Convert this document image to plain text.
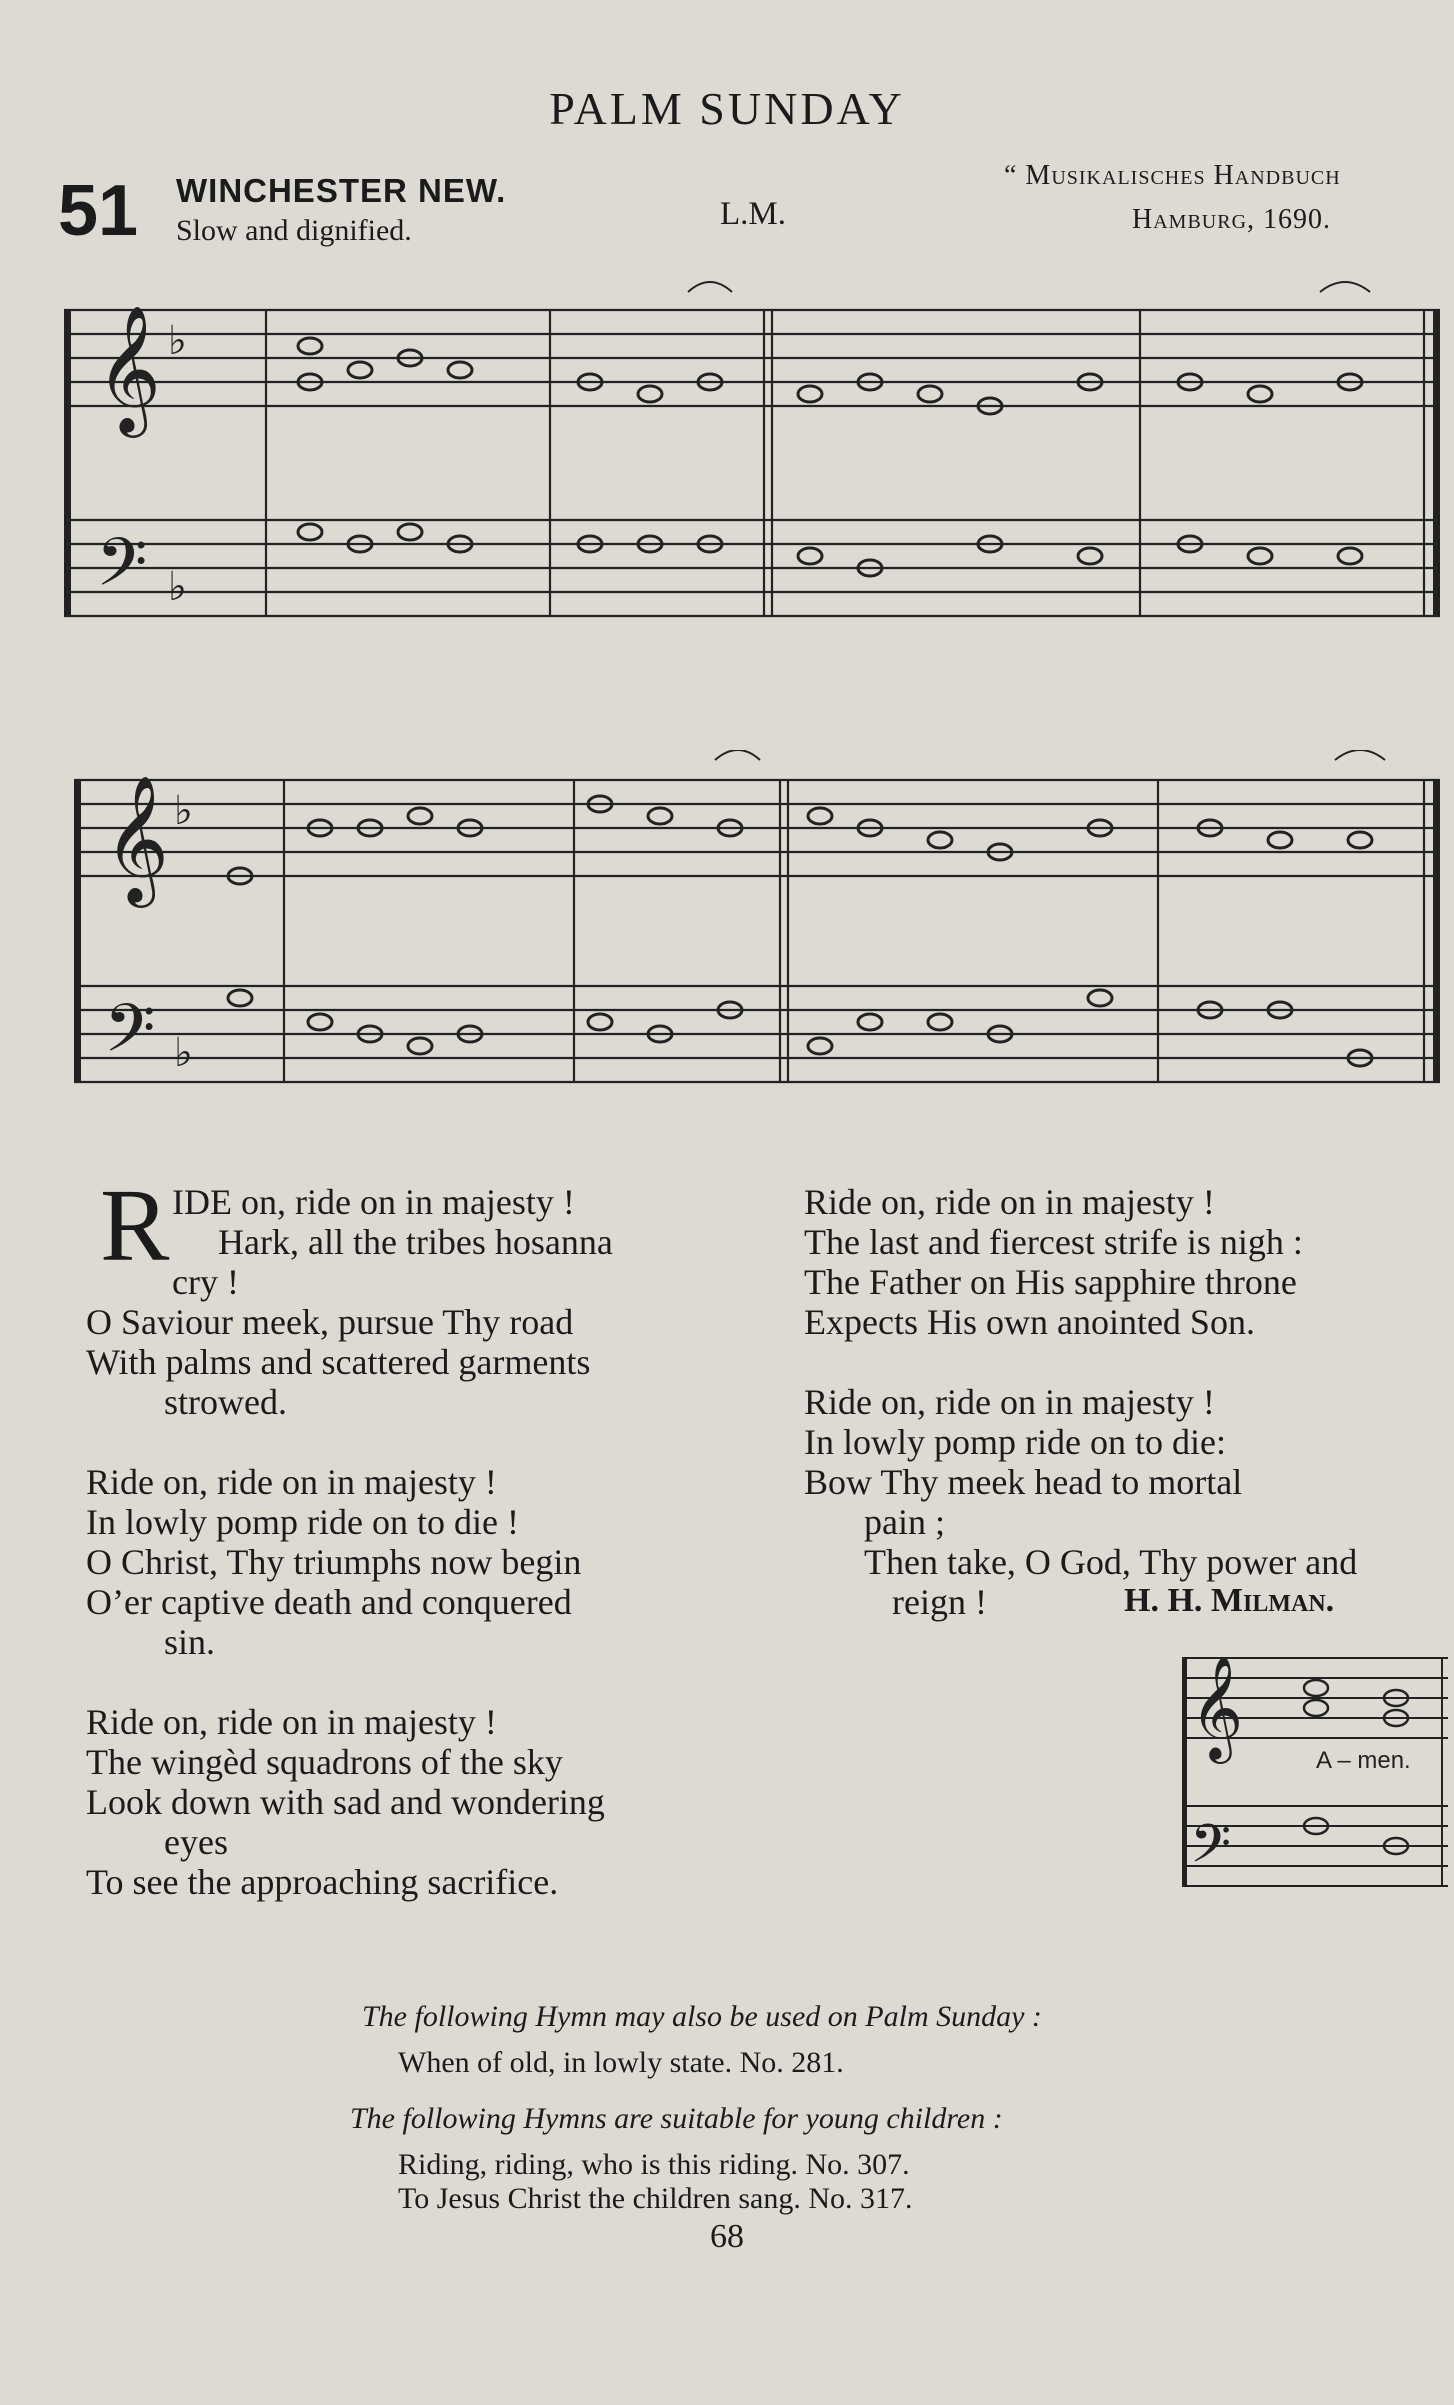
PALM SUNDAY
51 WINCHESTER NEW.
Slow and dignified.	L.M.
“ Musikalisches Handbuch
Hamburg, 1690.
𝄞
𝄢
♭
♭
𝄞
𝄢
♭
♭
R IDE on, ride on in majesty !
Hark, all the tribes hosanna
cry !
O Saviour meek, pursue Thy road
With palms and scattered garments
strowed.
Ride on, ride on in majesty !
In lowly pomp ride on to die !
O Christ, Thy triumphs now begin
O’er captive death and conquered
sin.
Ride on, ride on in majesty !
The wingèd squadrons of the sky
Look down with sad and wondering
eyes
To see the approaching sacrifice.
Ride on, ride on in majesty !
The last and fiercest strife is nigh :
The Father on His sapphire throne
Expects His own anointed Son.
Ride on, ride on in majesty !
In lowly pomp ride on to die:
Bow Thy meek head to mortal
pain ;
Then take, O God, Thy power and
reign !	H. H. Milman.
𝄞
𝄢
A – men.
The following Hymn may also be used on Palm Sunday :
When of old, in lowly state. No. 281.
The following Hymns are suitable for young children :
Riding, riding, who is this riding. No. 307.
To Jesus Christ the children sang. No. 317.
68
